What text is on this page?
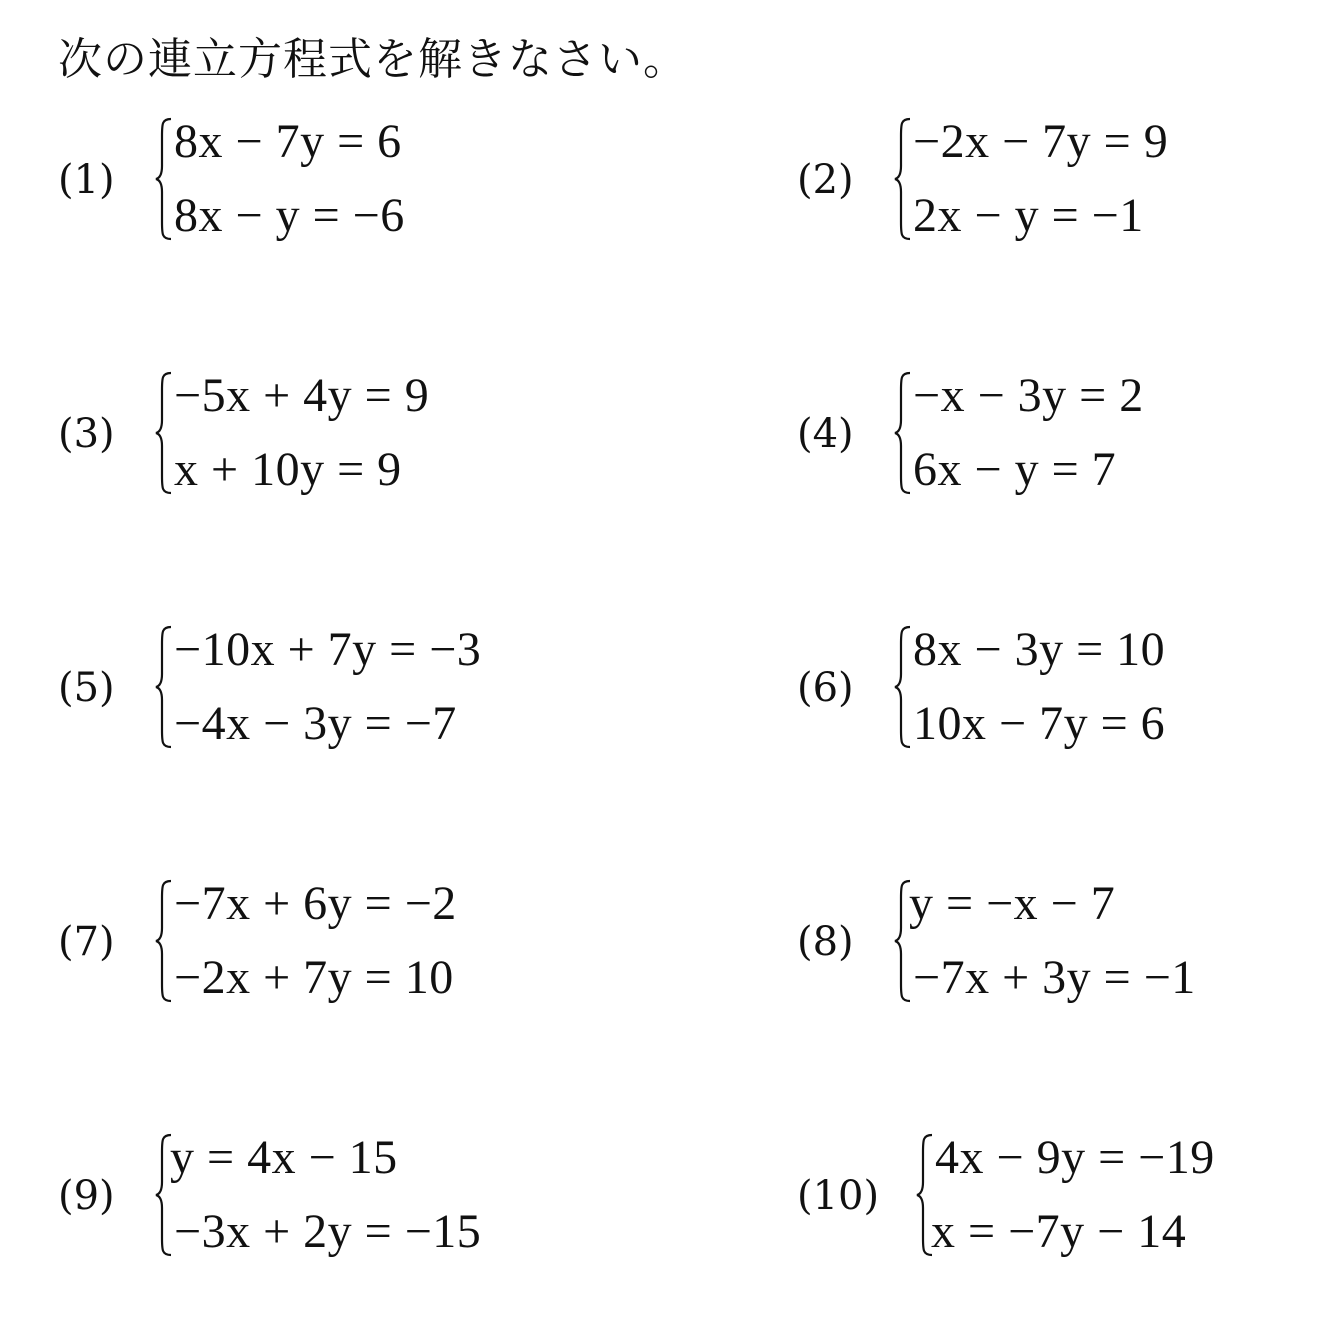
次の連立方程式を解きなさい。
(1)
8x − 7y = 6
8x − y = −6
(2)
−2x − 7y = 9
2x − y = −1
(3)
−5x + 4y = 9
x + 10y = 9
(4)
−x − 3y = 2
6x − y = 7
(5)
−10x + 7y = −3
−4x − 3y = −7
(6)
8x − 3y = 10
10x − 7y = 6
(7)
−7x + 6y = −2
−2x + 7y = 10
(8)
y = −x − 7
−7x + 3y = −1
(9)
y = 4x − 15
−3x + 2y = −15
(10)
4x − 9y = −19
x = −7y − 14
